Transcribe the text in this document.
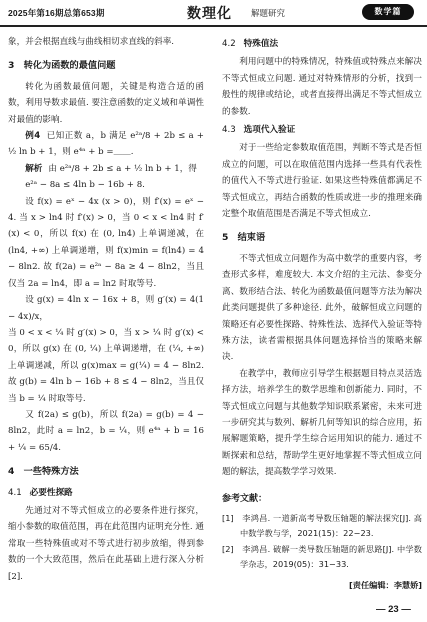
2025年第16期总第653期	数理化 解题研究	数学篇
象，并会根据直线与曲线相切求直线的斜率.
3　转化为函数的最值问题
转化为函数最值问题，关键是构造合适的函数，利用导数求最值. 要注意函数的定义域和单调性对最值的影响.
例4 已知正数 a，b 满足 e²ᵃ/8 + 2b ≤ a + ½ ln b + 1，则 e⁴ᵃ + b =＿＿.
解析 由 e²ᵃ/8 + 2b ≤ a + ½ ln b + 1，得
e²ᵃ − 8a ≤ 4ln b − 16b + 8.
设 f(x) = eˣ − 4x (x > 0)，则 f′(x) = eˣ − 4. 当 x > ln4 时 f′(x) > 0，当 0 < x < ln4 时 f′(x) < 0，所以 f(x) 在 (0, ln4) 上单调递减，在 (ln4, +∞) 上单调递增，则 f(x)min = f(ln4) = 4 − 8ln2. 故 f(2a) = e²ᵃ − 8a ≥ 4 − 8ln2，当且仅当 2a = ln4，即 a = ln2 时取等号.
设 g(x) = 4ln x − 16x + 8，则 g′(x) = 4(1 − 4x)/x，
当 0 < x < ¼ 时 g′(x) > 0，当 x > ¼ 时 g′(x) < 0，所以 g(x) 在 (0, ¼) 上单调递增，在 (¼, +∞) 上单调递减，所以 g(x)max = g(¼) = 4 − 8ln2. 故 g(b) = 4ln b − 16b + 8 ≤ 4 − 8ln2，当且仅当 b = ¼ 时取等号.
又 f(2a) ≤ g(b)，所以 f(2a) = g(b) = 4 − 8ln2，此时 a = ln2，b = ¼，则 e⁴ᵃ + b = 16 + ¼ = 65/4.
4　一些特殊方法
4.1 必要性探路
先通过对不等式恒成立的必要条件进行探究，缩小参数的取值范围，再在此范围内证明充分性. 通常取一些特殊值或对不等式进行初步放缩，得到参数的一个大致范围，然后在此基础上进行深入分析[2].
4.2 特殊值法
利用问题中的特殊情况，特殊值或特殊点来解决不等式恒成立问题. 通过对特殊情形的分析，找到一般性的规律或结论，或者直接得出满足不等式恒成立的参数.
4.3 选项代入验证
对于一些给定参数取值范围，判断不等式是否恒成立的问题，可以在取值范围内选择一些具有代表性的值代入不等式进行验证. 如果这些特殊值都满足不等式恒成立，再结合函数的性质或进一步的推理来确定整个取值范围是否满足不等式恒成立.
5　结束语
不等式恒成立问题作为高中数学的重要内容，考查形式多样，难度较大. 本文介绍的主元法、参变分离、数形结合法、转化为函数最值问题等方法为解决此类问题提供了多种途径. 此外，破解恒成立问题的策略还有必要性探路、特殊性法、选择代入验证等特殊方法，读者需根据具体问题选择恰当的策略来解决.
在教学中，教师应引导学生根据题目特点灵活选择方法，培养学生的数学思维和创新能力. 同时，不等式恒成立问题与其他数学知识联系紧密，未来可进一步研究其与数列、解析几何等知识的综合应用，拓展解题策略，提升学生综合运用知识的能力. 通过不断探索和总结，帮助学生更好地掌握不等式恒成立问题的解法，提高数学学习效果.
参考文献：
[1]　李鸿昌. 一道新高考导数压轴题的解法探究[J]. 高中数学教与学，2021(15)：22−23.
[2]　李鸿昌. 破解一类导数压轴题的新思路[J]. 中学数学杂志，2019(05)：31−33.
[责任编辑：李慧娇]
— 23 —
